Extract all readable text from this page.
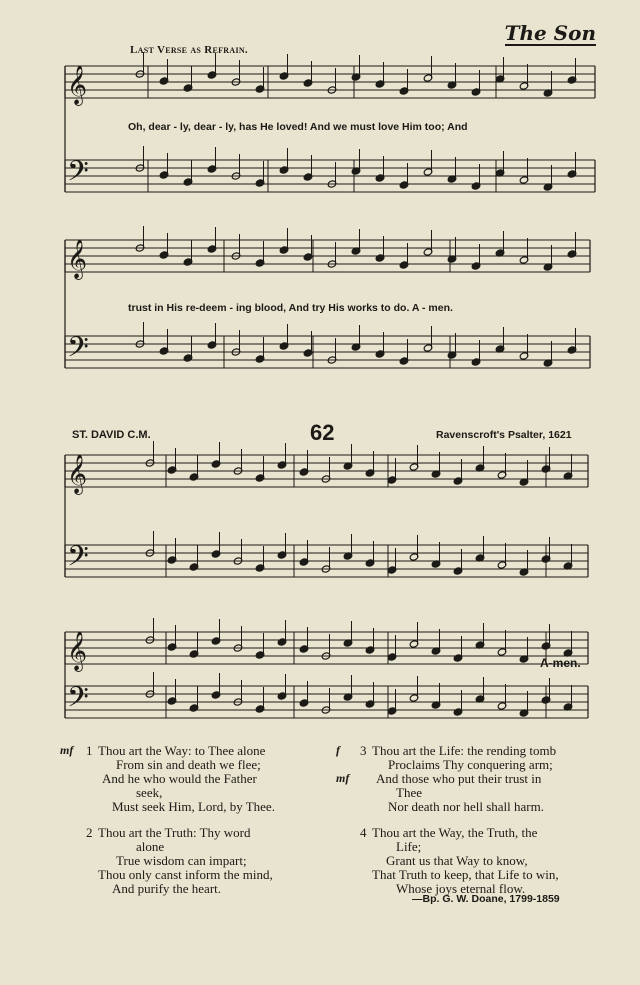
The Son
Last Verse as Refrain.
𝄞
𝄞
𝄞
𝄞
𝄢
𝄢
𝄢
𝄢
Oh, dear - ly, dear - ly, has He loved! And we must love Him too; And
trust in His re-deem - ing blood, And try His works to do. A - men.
ST. DAVID C.M.	62	Ravenscroft's Psalter, 1621
A-men.
mf 1 Thou art the Way: to Thee alone
From sin and death we flee;
And he who would the Father
seek,
Must seek Him, Lord, by Thee.
2 Thou art the Truth: Thy word
alone
True wisdom can impart;
Thou only canst inform the mind,
And purify the heart.
f
mf
3 Thou art the Life: the rending tomb
Proclaims Thy conquering arm;
And those who put their trust in
Thee
Nor death nor hell shall harm.
4 Thou art the Way, the Truth, the
Life;
Grant us that Way to know,
That Truth to keep, that Life to win,
Whose joys eternal flow.
—Bp. G. W. Doane, 1799-1859
